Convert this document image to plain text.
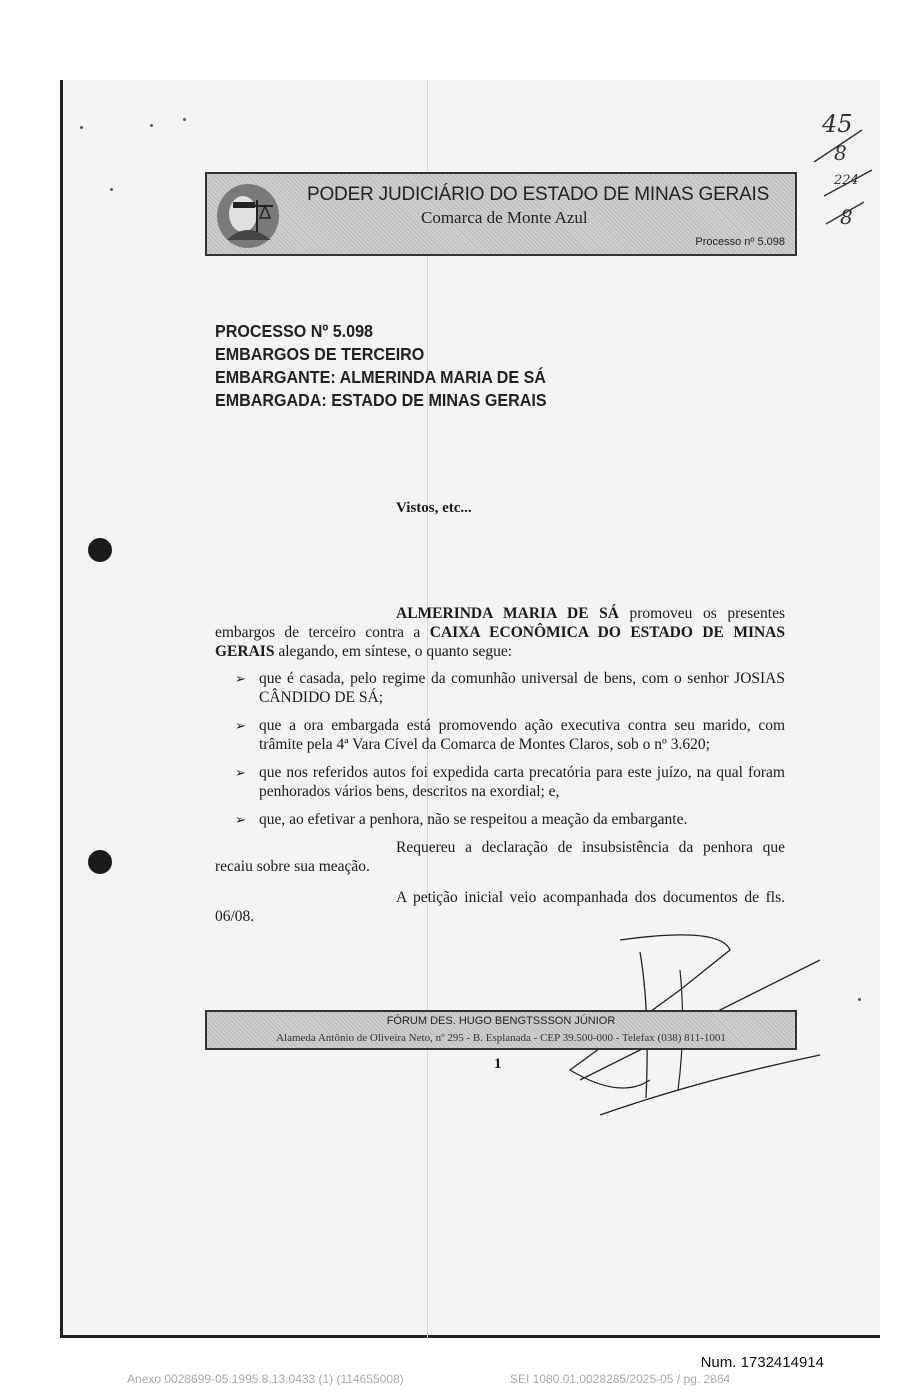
PODER JUDICIÁRIO DO ESTADO DE MINAS GERAIS
Comarca de Monte Azul
Processo nº 5.098
45
8
224
8
PROCESSO Nº 5.098
EMBARGOS DE TERCEIRO
EMBARGANTE: ALMERINDA MARIA DE SÁ
EMBARGADA: ESTADO DE MINAS GERAIS
Vistos, etc...

ALMERINDA MARIA DE SÁ promoveu os presentes embargos de terceiro contra a CAIXA ECONÔMICA DO ESTADO DE MINAS GERAIS alegando, em síntese, o quanto segue:

➢ que é casada, pelo regime da comunhão universal de bens, com o senhor JOSIAS CÂNDIDO DE SÁ;
➢ que a ora embargada está promovendo ação executiva contra seu marido, com trâmite pela 4ª Vara Cível da Comarca de Montes Claros, sob o nº 3.620;
➢ que nos referidos autos foi expedida carta precatória para este juízo, na qual foram penhorados vários bens, descritos na exordial; e,
➢ que, ao efetivar a penhora, não se respeitou a meação da embargante.

Requereu a declaração de insubsistência da penhora que recaiu sobre sua meação.

A petição inicial veio acompanhada dos documentos de fls. 06/08.

FÓRUM DES. HUGO BENGTSSSON JÚNIOR
Alameda Antônio de Oliveira Neto, nº 295 - B. Esplanada - CEP 39.500-000 - Telefax (038) 811-1001
1
Num. 1732414914
Anexo 0028699-05.1995.8.13.0433 (1) (114655008)	SEI 1080.01.0028285/2025-05 / pg. 2864
